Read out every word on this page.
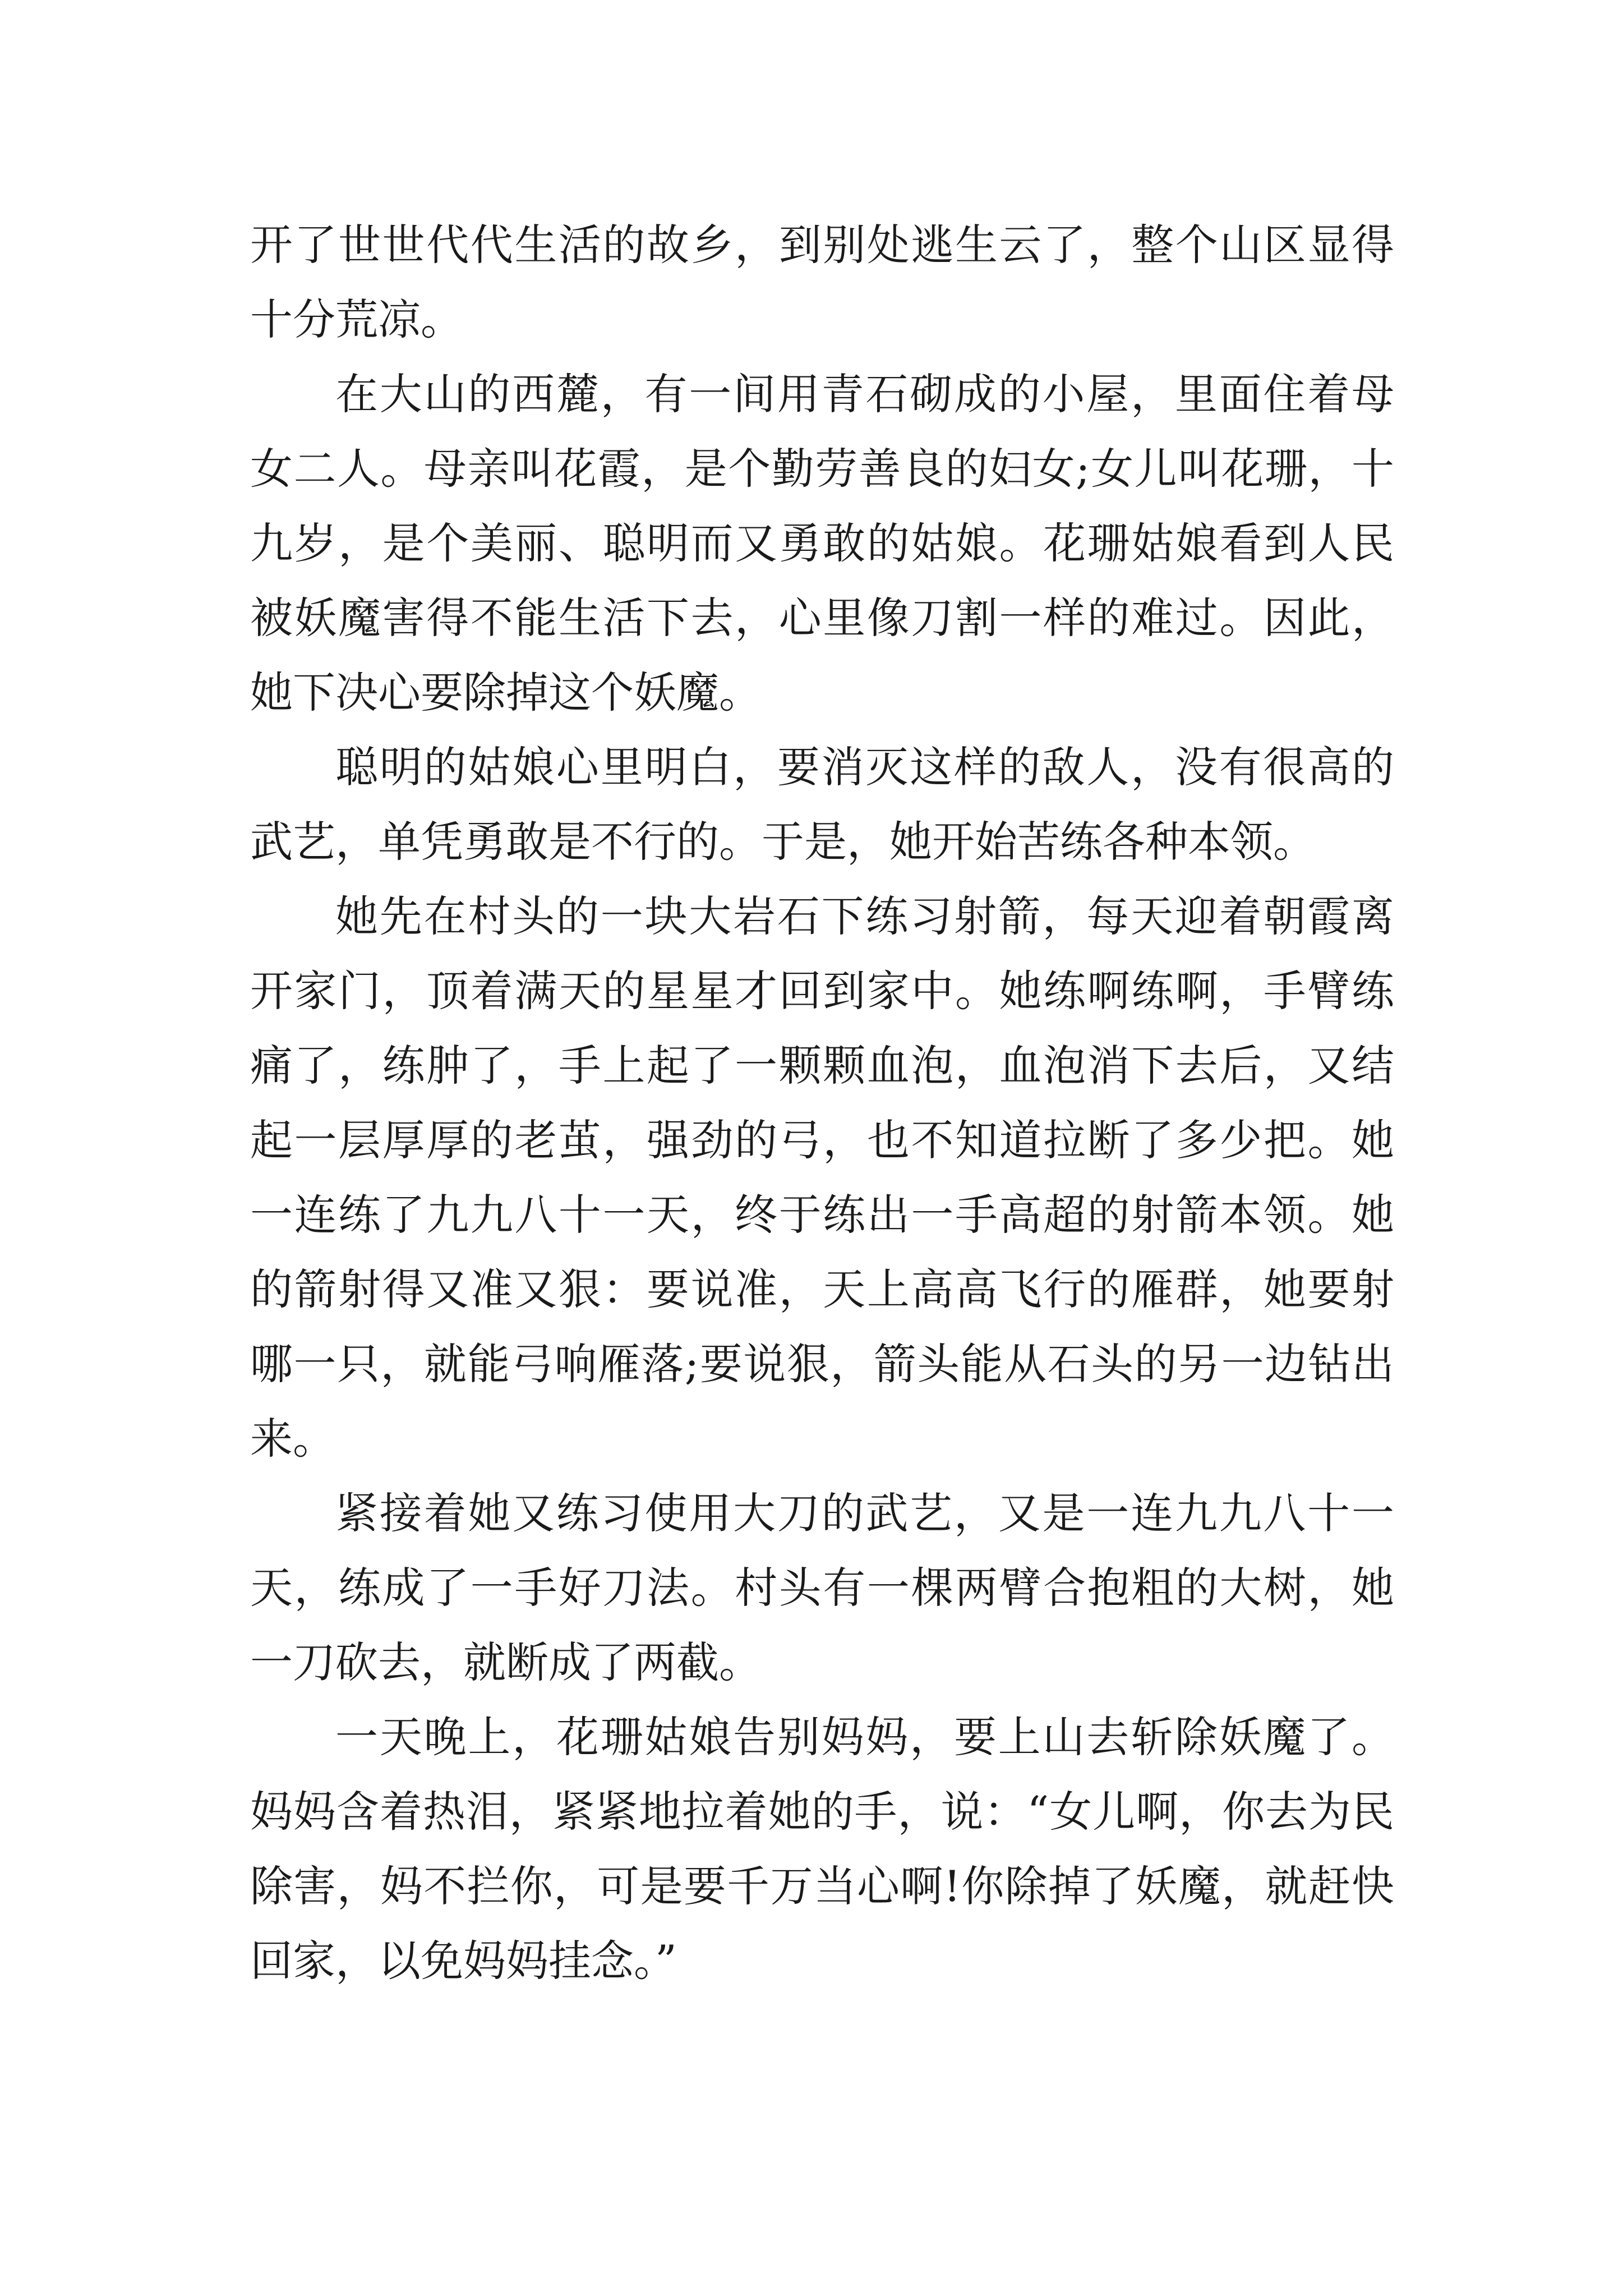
开了世世代代生活的故乡，到别处逃生云了，整个山区显得十分荒凉。

在大山的西麓，有一间用青石砌成的小屋，里面住着母女二人。母亲叫花霞，是个勤劳善良的妇女;女儿叫花珊，十九岁，是个美丽、聪明而又勇敢的姑娘。花珊姑娘看到人民被妖魔害得不能生活下去，心里像刀割一样的难过。因此，她下决心要除掉这个妖魔。

聪明的姑娘心里明白，要消灭这样的敌人，没有很高的武艺，单凭勇敢是不行的。于是，她开始苦练各种本领。

她先在村头的一块大岩石下练习射箭，每天迎着朝霞离开家门，顶着满天的星星才回到家中。她练啊练啊，手臂练痛了，练肿了，手上起了一颗颗血泡，血泡消下去后，又结起一层厚厚的老茧，强劲的弓，也不知道拉断了多少把。她一连练了九九八十一天，终于练出一手高超的射箭本领。她的箭射得又准又狠：要说准，天上高高飞行的雁群，她要射哪一只，就能弓响雁落;要说狠，箭头能从石头的另一边钻出来。

紧接着她又练习使用大刀的武艺，又是一连九九八十一天，练成了一手好刀法。村头有一棵两臂合抱粗的大树，她一刀砍去，就断成了两截。

一天晚上，花珊姑娘告别妈妈，要上山去斩除妖魔了。妈妈含着热泪，紧紧地拉着她的手，说：“女儿啊，你去为民除害，妈不拦你，可是要千万当心啊!你除掉了妖魔，就赶快回家，以免妈妈挂念。”
